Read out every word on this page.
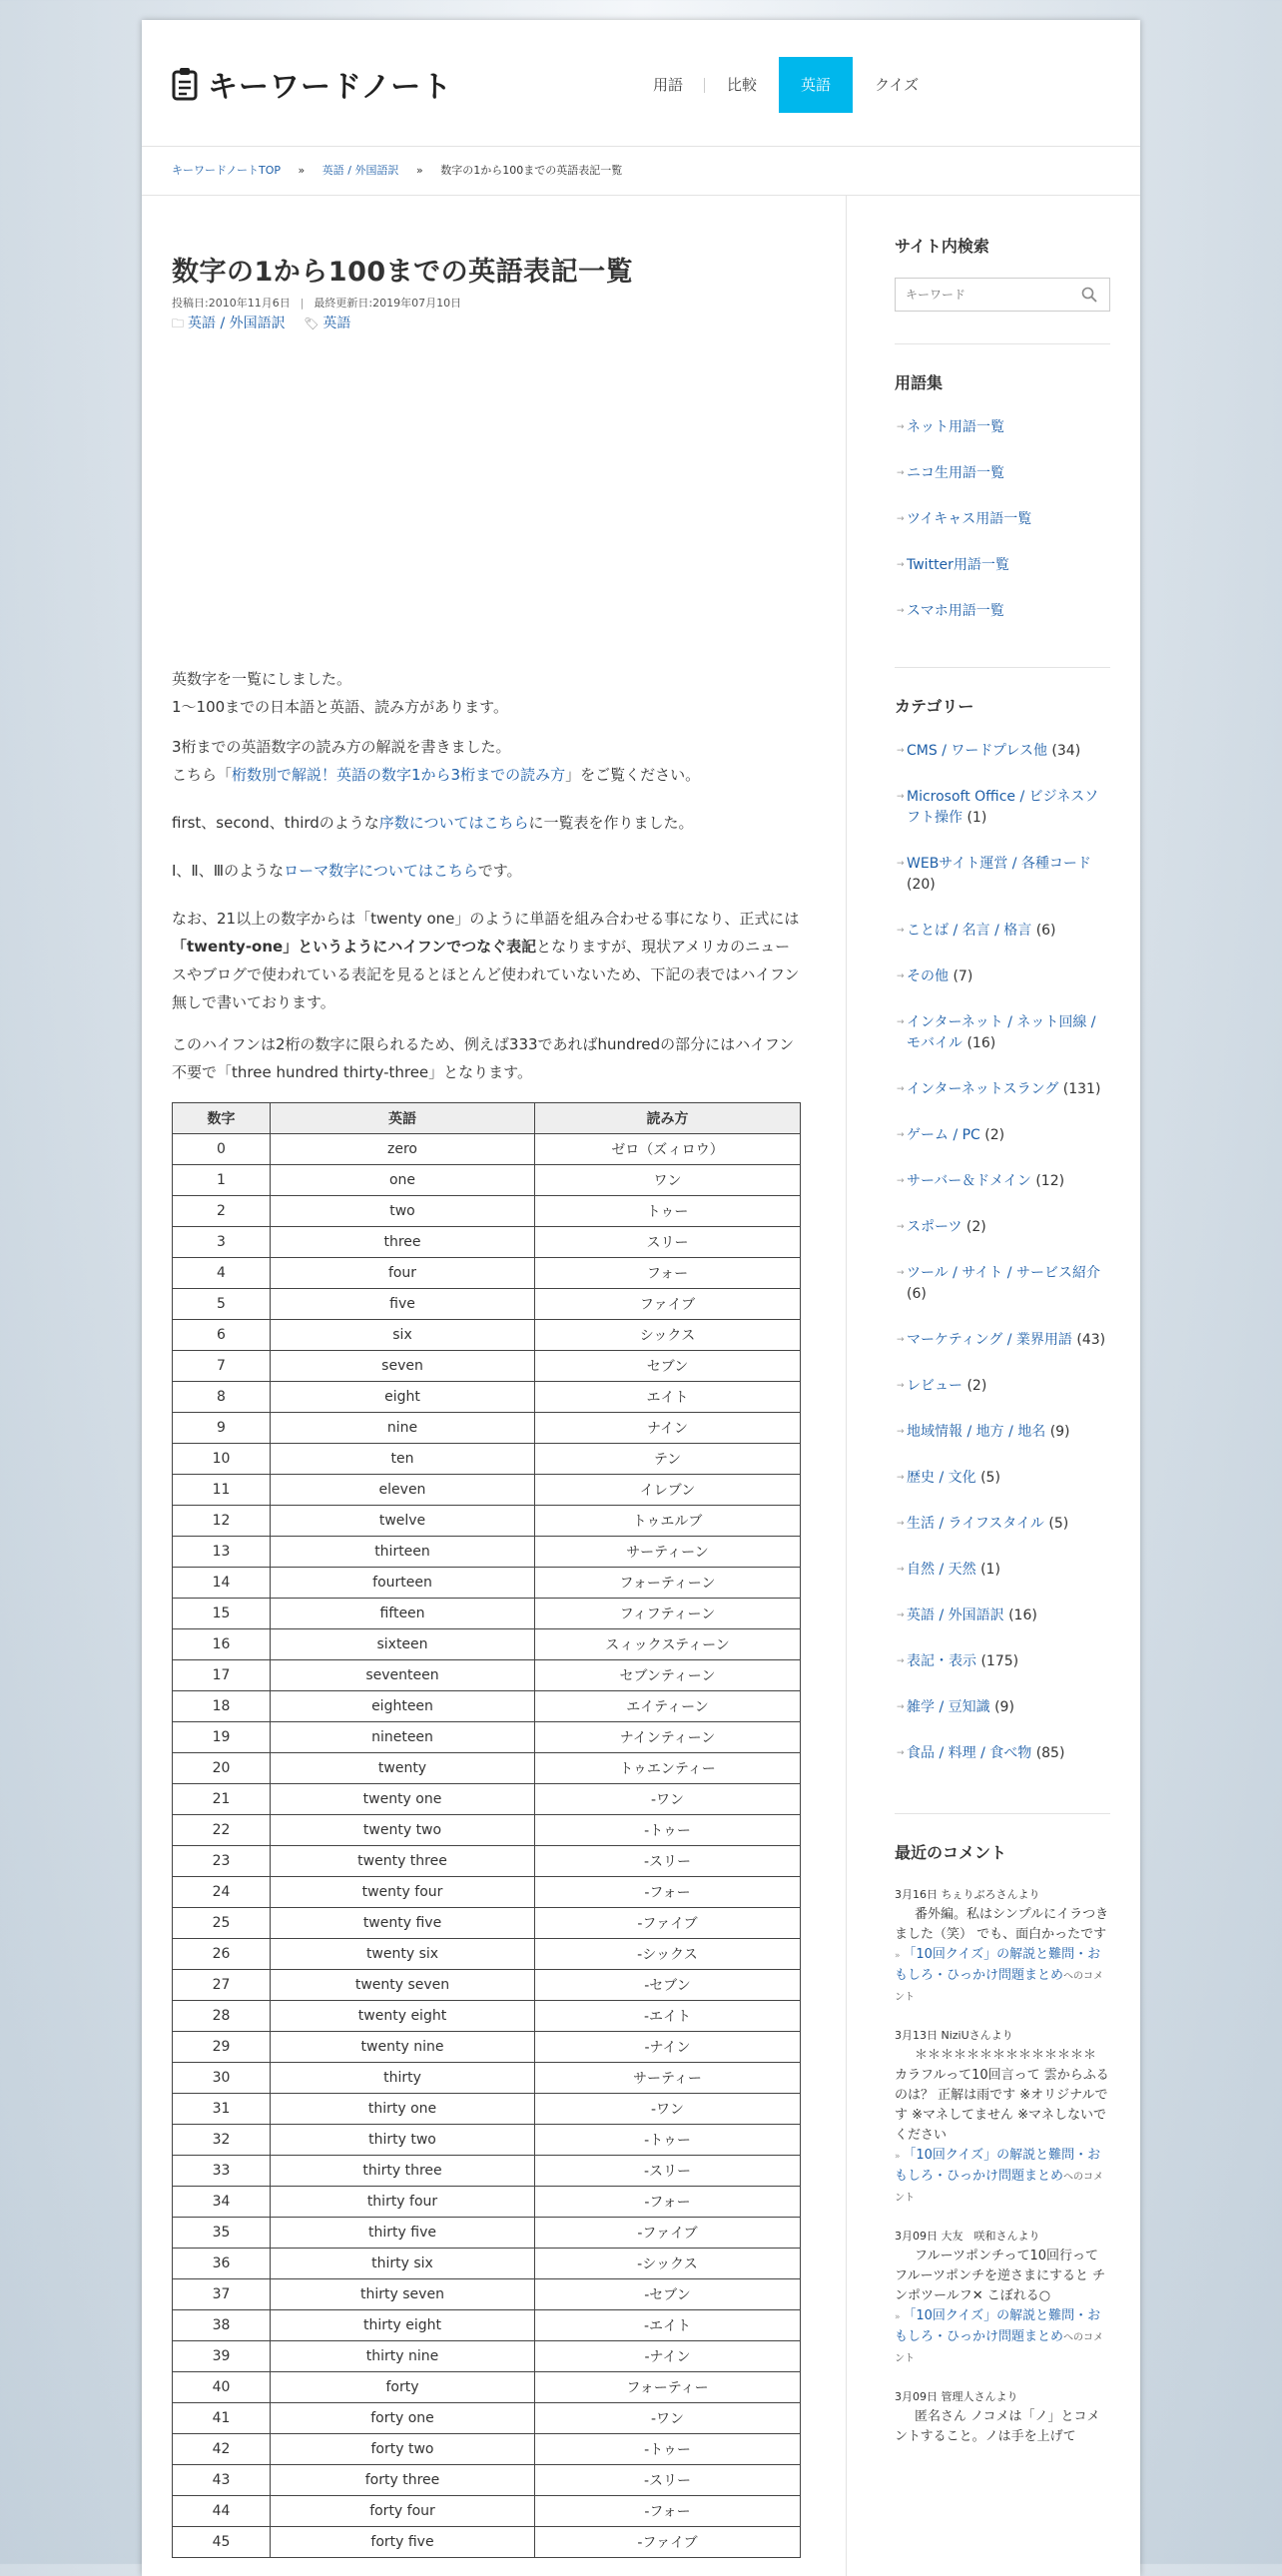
キーワードノート	用語	比較	英語	クイズ
キーワードノートTOP » 英語 / 外国語訳 » 数字の1から100までの英語表記一覧
数字の1から100までの英語表記一覧
投稿日:2010年11月6日 | 最終更新日:2019年07月10日
🗀 英語 / 外国語訳 🏷 英語

英数字を一覧にしました。
1～100までの日本語と英語、読み方があります。

3桁までの英語数字の読み方の解説を書きました。
こちら「桁数別で解説！英語の数字1から3桁までの読み方」をご覧ください。

first、second、thirdのような序数についてはこちらに一覧表を作りました。

Ⅰ、Ⅱ、Ⅲのようなローマ数字についてはこちらです。

なお、21以上の数字からは「twenty one」のように単語を組み合わせる事になり、正式には「twenty-one」というようにハイフンでつなぐ表記となりますが、現状アメリカのニュースやブログで使われている表記を見るとほとんど使われていないため、下記の表ではハイフン無しで書いております。

このハイフンは2桁の数字に限られるため、例えば333であればhundredの部分にはハイフン不要で「three hundred thirty-three」となります。

数字	英語	読み方
0	zero	ゼロ（ズィロウ）
1	one	ワン
2	two	トゥー
3	three	スリー
4	four	フォー
5	five	ファイブ
6	six	シックス
7	seven	セブン
8	eight	エイト
9	nine	ナイン
10	ten	テン
11	eleven	イレブン
12	twelve	トゥエルブ
13	thirteen	サーティーン
14	fourteen	フォーティーン
15	fifteen	フィフティーン
16	sixteen	スィックスティーン
17	seventeen	セブンティーン
18	eighteen	エイティーン
19	nineteen	ナインティーン
20	twenty	トゥエンティー
21	twenty one	-ワン
22	twenty two	-トゥー
23	twenty three	-スリー
24	twenty four	-フォー
25	twenty five	-ファイブ
26	twenty six	-シックス
27	twenty seven	-セブン
28	twenty eight	-エイト
29	twenty nine	-ナイン
30	thirty	サーティー
31	thirty one	-ワン
32	thirty two	-トゥー
33	thirty three	-スリー
34	thirty four	-フォー
35	thirty five	-ファイブ
36	thirty six	-シックス
37	thirty seven	-セブン
38	thirty eight	-エイト
39	thirty nine	-ナイン
40	forty	フォーティー
41	forty one	-ワン
42	forty two	-トゥー
43	forty three	-スリー
44	forty four	-フォー
45	forty five	-ファイブ
サイト内検索
キーワード
用語集
→ ネット用語一覧
→ ニコ生用語一覧
→ ツイキャス用語一覧
→ Twitter用語一覧
→ スマホ用語一覧
カテゴリー
→ CMS / ワードプレス他 (34)
→ Microsoft Office / ビジネスソフト操作 (1)
→ WEBサイト運営 / 各種コード (20)
→ ことば / 名言 / 格言 (6)
→ その他 (7)
→ インターネット / ネット回線 / モバイル (16)
→ インターネットスラング (131)
→ ゲーム / PC (2)
→ サーバー＆ドメイン (12)
→ スポーツ (2)
→ ツール / サイト / サービス紹介 (6)
→ マーケティング / 業界用語 (43)
→ レビュー (2)
→ 地域情報 / 地方 / 地名 (9)
→ 歴史 / 文化 (5)
→ 生活 / ライフスタイル (5)
→ 自然 / 天然 (1)
→ 英語 / 外国語訳 (16)
→ 表記・表示 (175)
→ 雑学 / 豆知識 (9)
→ 食品 / 料理 / 食べ物 (85)
最近のコメント
3月16日 ちぇりぶろさんより
番外編。私はシンプルにイラつきました（笑） でも、面白かったです
» 「10回クイズ」の解説と難問・おもしろ・ひっかけ問題まとめへのコメント
3月13日 NiziUさんより
＊＊＊＊＊＊＊＊＊＊＊＊＊＊ カラフルって10回言って 雲からふるのは？ 正解は雨です ※オリジナルです ※マネしてません ※マネしないでください
» 「10回クイズ」の解説と難問・おもしろ・ひっかけ問題まとめへのコメント
3月09日 大友　咲和さんより
フルーツポンチって10回行って フルーツポンチを逆さまにすると チンポツールフ✕ こぼれる○
» 「10回クイズ」の解説と難問・おもしろ・ひっかけ問題まとめへのコメント
3月09日 管理人さんより
匿名さん ノコメは「ノ」とコメントすること。ノは手を上げて
